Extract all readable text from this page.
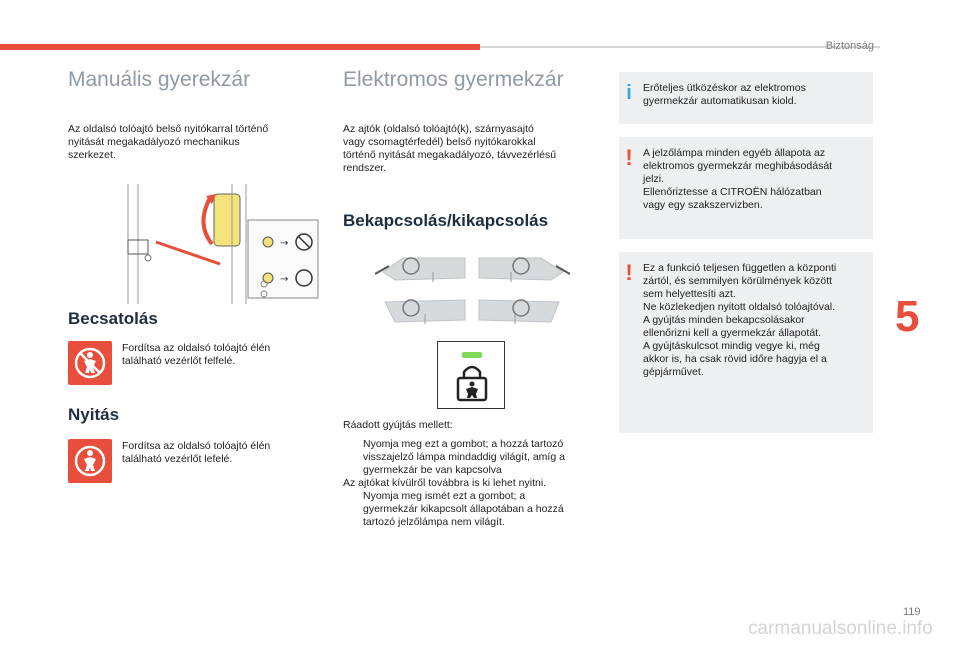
Biztonság
Manuális gyerekzár
Az oldalsó tolóajtó belső nyitókarral történő
nyitását megakadályozó mechanikus
szerkezet.
→
→
Becsatolás
Fordítsa az oldalsó tolóajtó élén
található vezérlőt felfelé.
Nyitás
Fordítsa az oldalsó tolóajtó élén
található vezérlőt lefelé.
Elektromos gyermekzár
Az ajtók (oldalsó tolóajtó(k), szárnyasajtó
vagy csomagtérfedél) belső nyitókarokkal
történő nyitását megakadályozó, távvezérlésű
rendszer.
Bekapcsolás/kikapcsolás
Ráadott gyújtás mellett:
Nyomja meg ezt a gombot; a hozzá tartozó
visszajelző lámpa mindaddig világít, amíg a
gyermekzár be van kapcsolva
Az ajtókat kívülről továbbra is ki lehet nyitni.
Nyomja meg ismét ezt a gombot; a
gyermekzár kikapcsolt állapotában a hozzá
tartozó jelzőlámpa nem világít.
i Erőteljes ütközéskor az elektromos
gyermekzár automatikusan kiold.
! A jelzőlámpa minden egyéb állapota az
elektromos gyermekzár meghibásodását
jelzi.
Ellenőriztesse a CITROËN hálózatban
vagy egy szakszervizben.
! Ez a funkció teljesen független a központi
zártól, és semmilyen körülmények között
sem helyettesíti azt.
Ne közlekedjen nyitott oldalsó tolóajtóval.
A gyújtás minden bekapcsolásakor
ellenőrizni kell a gyermekzár állapotát.
A gyújtáskulcsot mindig vegye ki, még
akkor is, ha csak rövid időre hagyja el a
gépjárművet.
5
119
carmanualsonline.info
